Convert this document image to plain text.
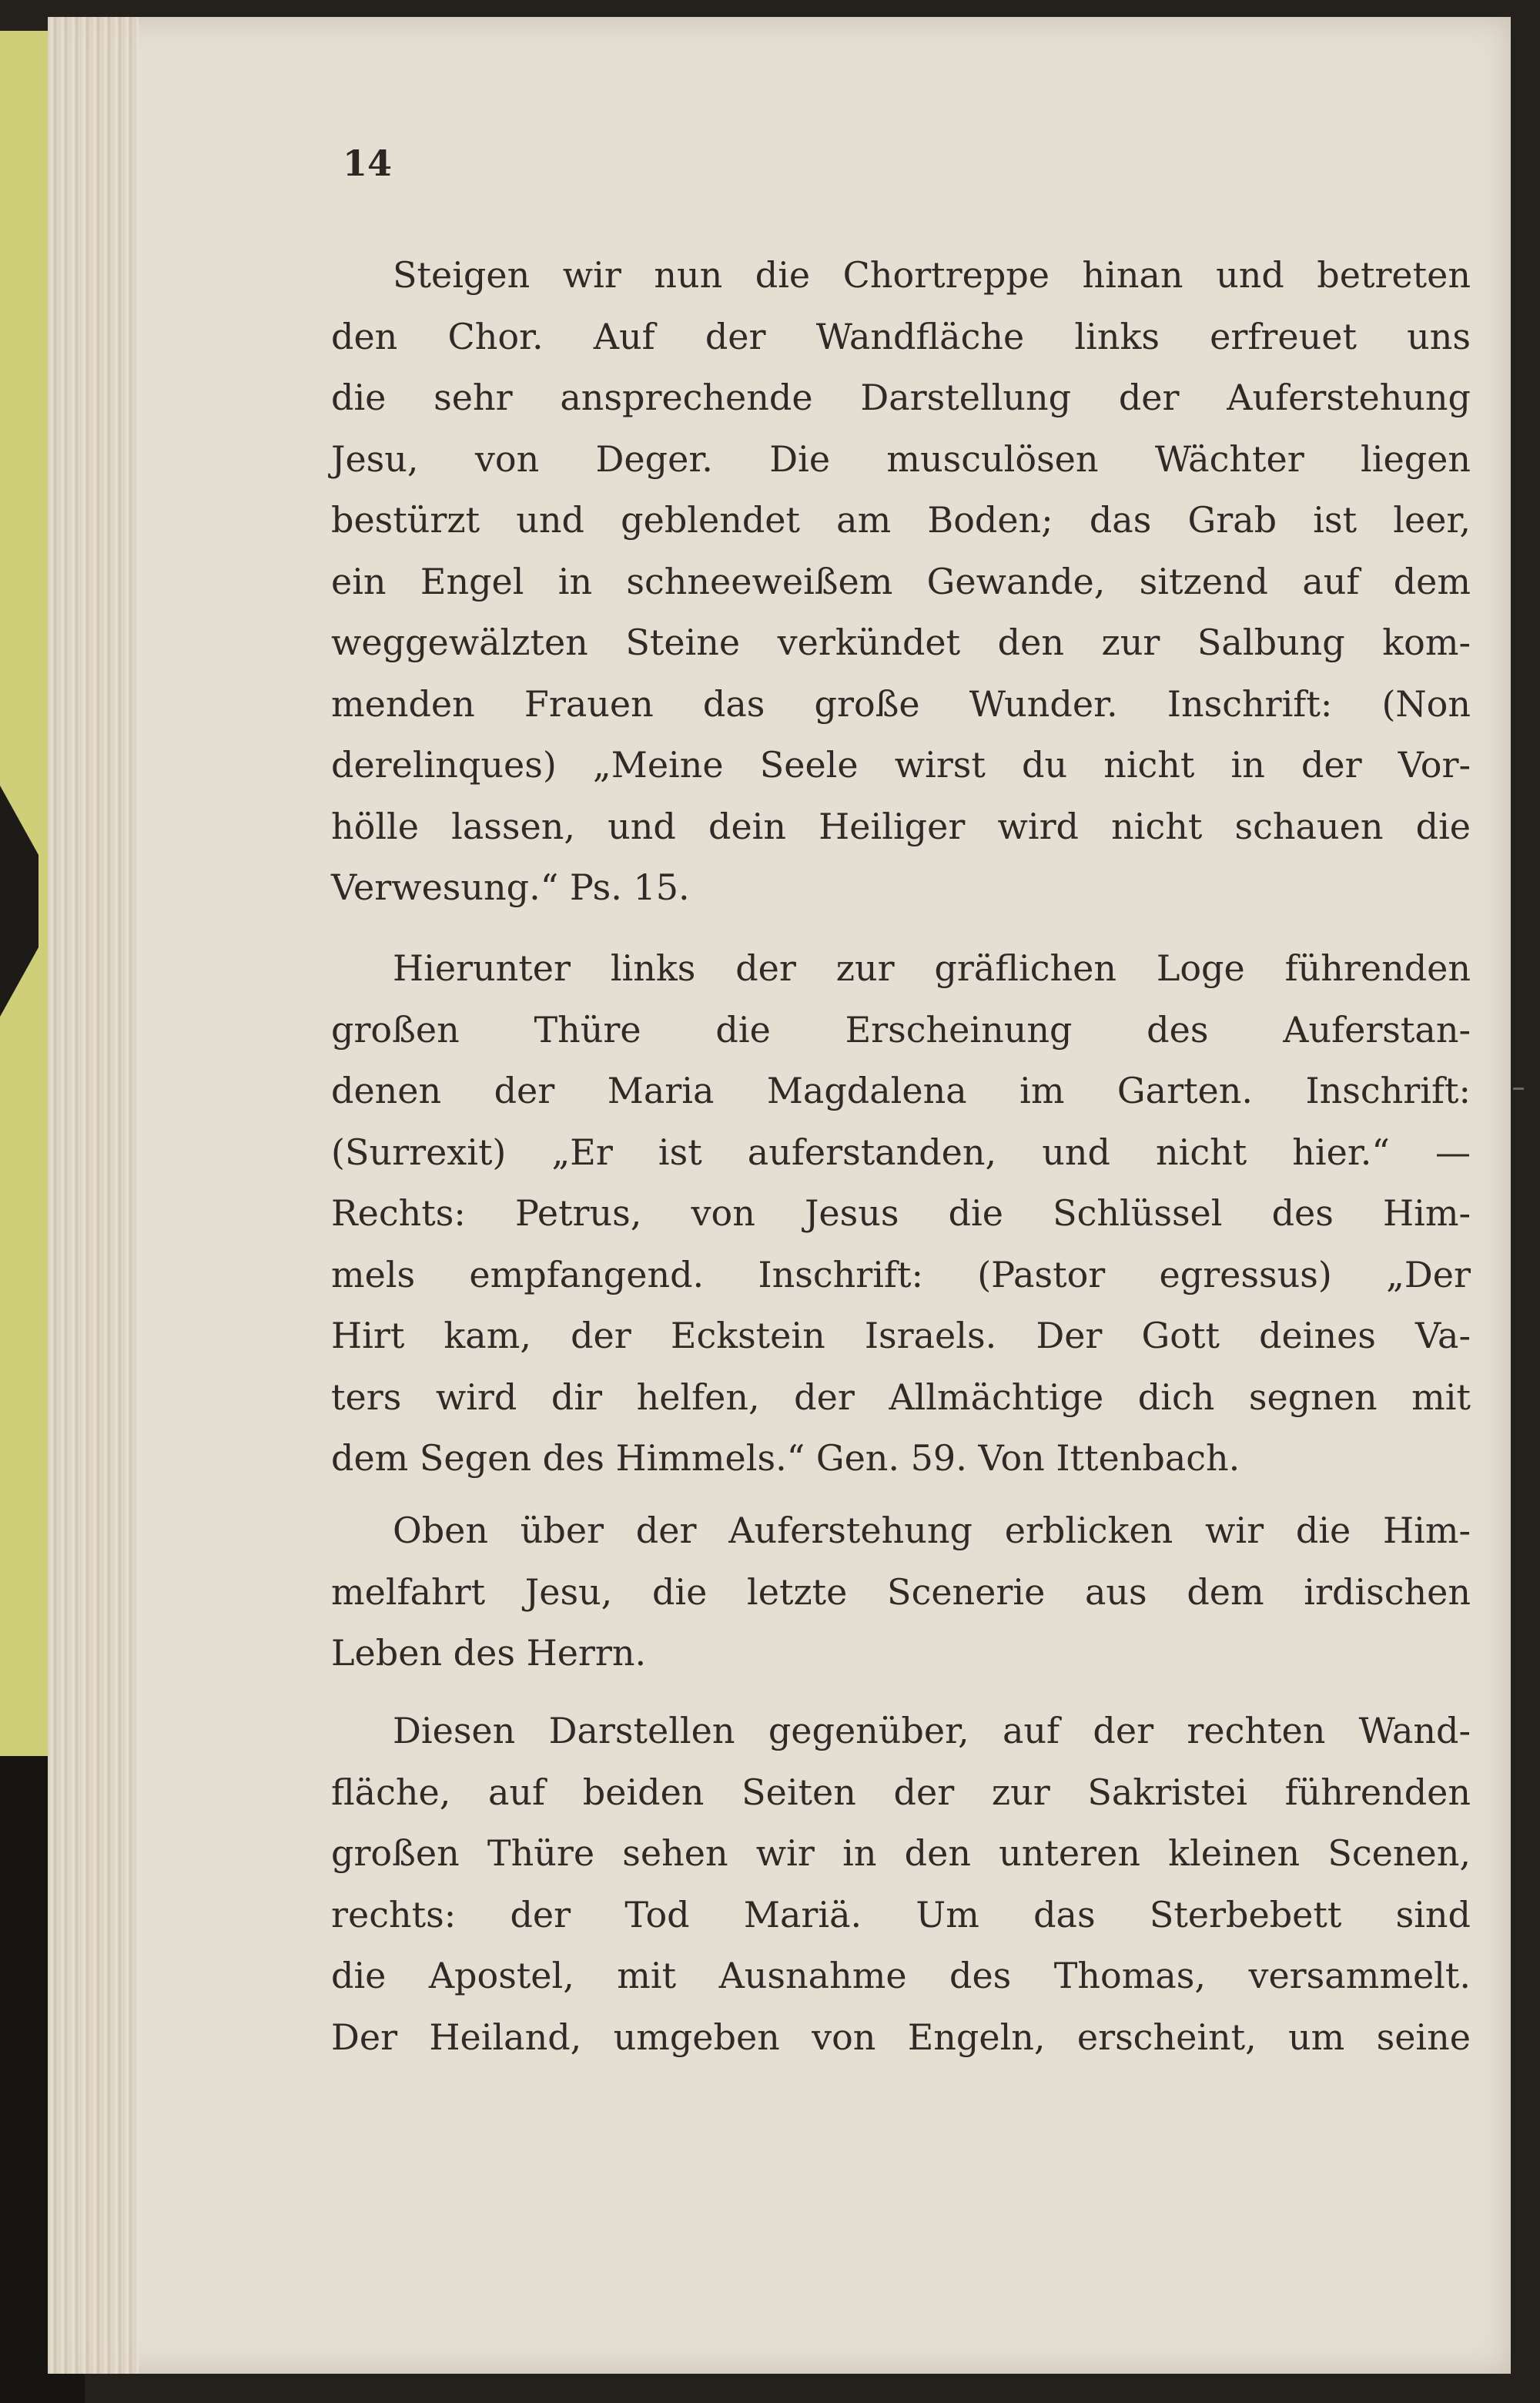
14
Steigen wir nun die Chortreppe hinan und betreten
den Chor. Auf der Wandfläche links erfreuet uns
die sehr ansprechende Darstellung der Auferstehung
Jesu, von Deger. Die musculösen Wächter liegen
bestürzt und geblendet am Boden; das Grab ist leer,
ein Engel in schneeweißem Gewande, sitzend auf dem
weggewälzten Steine verkündet den zur Salbung kom-
menden Frauen das große Wunder. Inschrift: (Non
derelinques) „Meine Seele wirst du nicht in der Vor-
hölle lassen, und dein Heiliger wird nicht schauen die
Verwesung.“ Ps. 15.
Hierunter links der zur gräflichen Loge führenden
großen Thüre die Erscheinung des Auferstan-
denen der Maria Magdalena im Garten. Inschrift:
(Surrexit) „Er ist auferstanden, und nicht hier.“ —
Rechts: Petrus, von Jesus die Schlüssel des Him-
mels empfangend. Inschrift: (Pastor egressus) „Der
Hirt kam, der Eckstein Israels. Der Gott deines Va-
ters wird dir helfen, der Allmächtige dich segnen mit
dem Segen des Himmels.“ Gen. 59. Von Ittenbach.
Oben über der Auferstehung erblicken wir die Him-
melfahrt Jesu, die letzte Scenerie aus dem irdischen
Leben des Herrn.
Diesen Darstellen gegenüber, auf der rechten Wand-
fläche, auf beiden Seiten der zur Sakristei führenden
großen Thüre sehen wir in den unteren kleinen Scenen,
rechts: der Tod Mariä. Um das Sterbebett sind
die Apostel, mit Ausnahme des Thomas, versammelt.
Der Heiland, umgeben von Engeln, erscheint, um seine
